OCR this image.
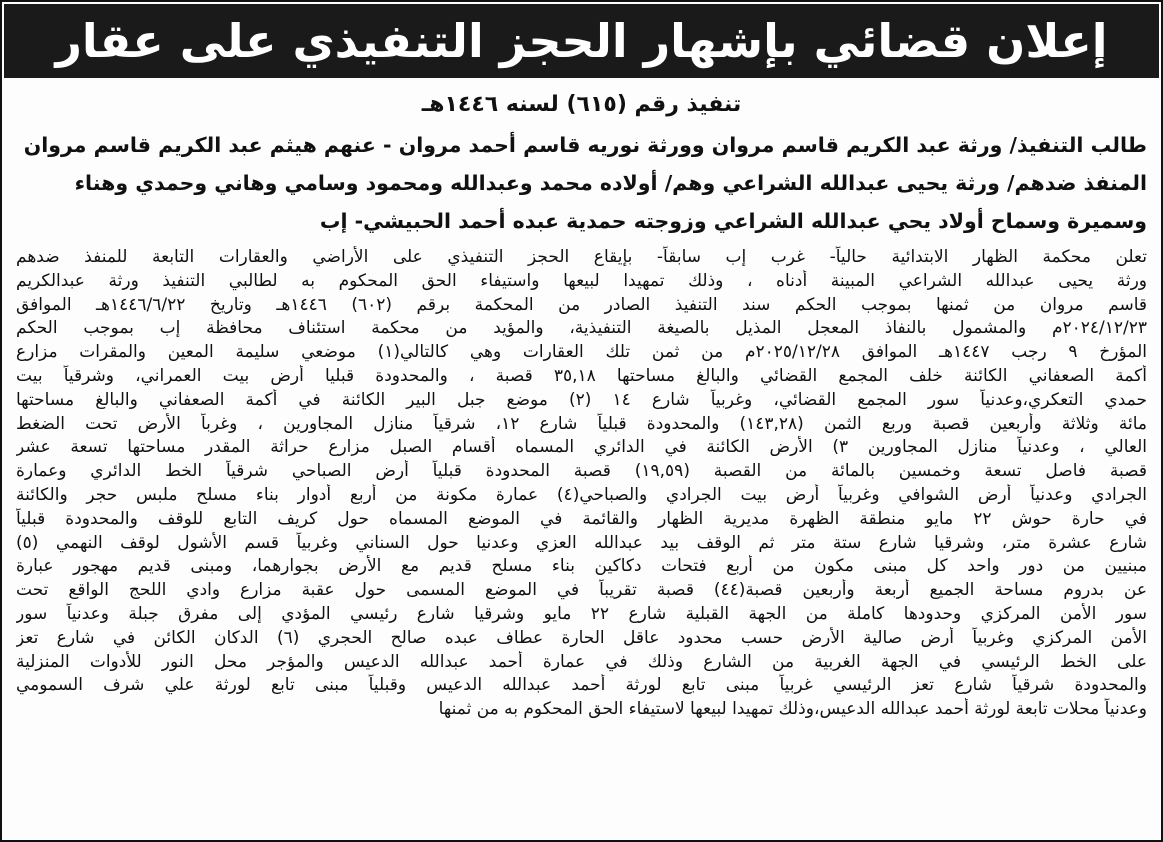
إعلان قضائي بإشهار الحجز التنفيذي على عقار
تنفيذ رقم (٦١٥) لسنه ١٤٤٦هـ
طالب التنفيذ/ ورثة عبد الكريم قاسم مروان وورثة نوريه قاسم أحمد مروان - عنهم هيثم عبد الكريم قاسم مروان
المنفذ ضدهم/ ورثة يحيى عبدالله الشراعي وهم/ أولاده محمد وعبدالله ومحمود وسامي وهاني وحمدي وهناء
وسميرة وسماح أولاد يحي عبدالله الشراعي وزوجته حمدية عبده أحمد الحبيشي- إب
تعلن محكمة الظهار الابتدائية حالياً- غرب إب سابقاً- بإيقاع الحجز التنفيذي على الأراضي والعقارات التابعة للمنفذ ضدهم
ورثة يحيى عبدالله الشراعي المبينة أدناه ، وذلك تمهيدا لبيعها واستيفاء الحق المحكوم به لطالبي التنفيذ ورثة عبدالكريم
قاسم مروان من ثمنها بموجب الحكم سند التنفيذ الصادر من المحكمة برقم (٦٠٢) ١٤٤٦هـ وتاريخ ١٤٤٦/٦/٢٢هـ الموافق
٢٠٢٤/١٢/٢٣م والمشمول بالنفاذ المعجل المذيل بالصيغة التنفيذية، والمؤيد من محكمة استئناف محافظة إب بموجب الحكم
المؤرخ ٩ رجب ١٤٤٧هـ الموافق ٢٠٢٥/١٢/٢٨م من ثمن تلك العقارات وهي كالتالي(١) موضعي سليمة المعين والمقرات مزارع
أكمة الصعفاني الكائنة خلف المجمع القضائي والبالغ مساحتها ٣٥,١٨ قصبة ، والمحدودة قبليا أرض بيت العمراني، وشرقياً بيت
حمدي التعكري،وعدنياً سور المجمع القضائي، وغربياً شارع ١٤ (٢) موضع جبل البير الكائنة في أكمة الصعفاني والبالغ مساحتها
مائة وثلاثة وأربعين قصبة وربع الثمن (١٤٣,٢٨) والمحدودة قبلياً شارع ١٢، شرقياً منازل المجاورين ، وغرباً الأرض تحت الضغط
العالي ، وعدنياً منازل المجاورين ٣) الأرض الكائنة في الدائري المسماه أقسام الصبل مزارع حراثة المقدر مساحتها تسعة عشر
قصبة فاصل تسعة وخمسين بالمائة من القصبة (١٩,٥٩) قصبة المحدودة قبلياً أرض الصباحي شرقياً الخط الدائري وعمارة
الجرادي وعدنياً أرض الشوافي وغربياً أرض بيت الجرادي والصباحي(٤) عمارة مكونة من أربع أدوار بناء مسلح ملبس حجر والكائنة
في حارة حوش ٢٢ مايو منطقة الظهرة مديرية الظهار والقائمة في الموضع المسماه حول كريف التابع للوقف والمحدودة قبلياً
شارع عشرة متر، وشرقيا شارع ستة متر ثم الوقف بيد عبدالله العزي وعدنيا حول السناني وغربياً قسم الأشول لوقف النهمي (٥)
مبنيين من دور واحد كل مبنى مكون من أربع فتحات دكاكين بناء مسلح قديم مع الأرض بجوارهما، ومبنى قديم مهجور عبارة
عن بدروم مساحة الجميع أربعة وأربعين قصبة(٤٤) قصبة تقريباً في الموضع المسمى حول عقبة مزارع وادي اللحج الواقع تحت
سور الأمن المركزي وحدودها كاملة من الجهة القبلية شارع ٢٢ مايو وشرقيا شارع رئيسي المؤدي إلى مفرق جبلة وعدنياً سور
الأمن المركزي وغربياً أرض صالية الأرض حسب محدود عاقل الحارة عطاف عبده صالح الحجري (٦) الدكان الكائن في شارع تعز
على الخط الرئيسي في الجهة الغربية من الشارع وذلك في عمارة أحمد عبدالله الدعيس والمؤجر محل النور للأدوات المنزلية
والمحدودة شرقياً شارع تعز الرئيسي غربياً مبنى تابع لورثة أحمد عبدالله الدعيس وقبلياً مبنى تابع لورثة علي شرف السمومي
وعدنياً محلات تابعة لورثة أحمد عبدالله الدعيس،وذلك تمهيدا لبيعها لاستيفاء الحق المحكوم به من ثمنها
